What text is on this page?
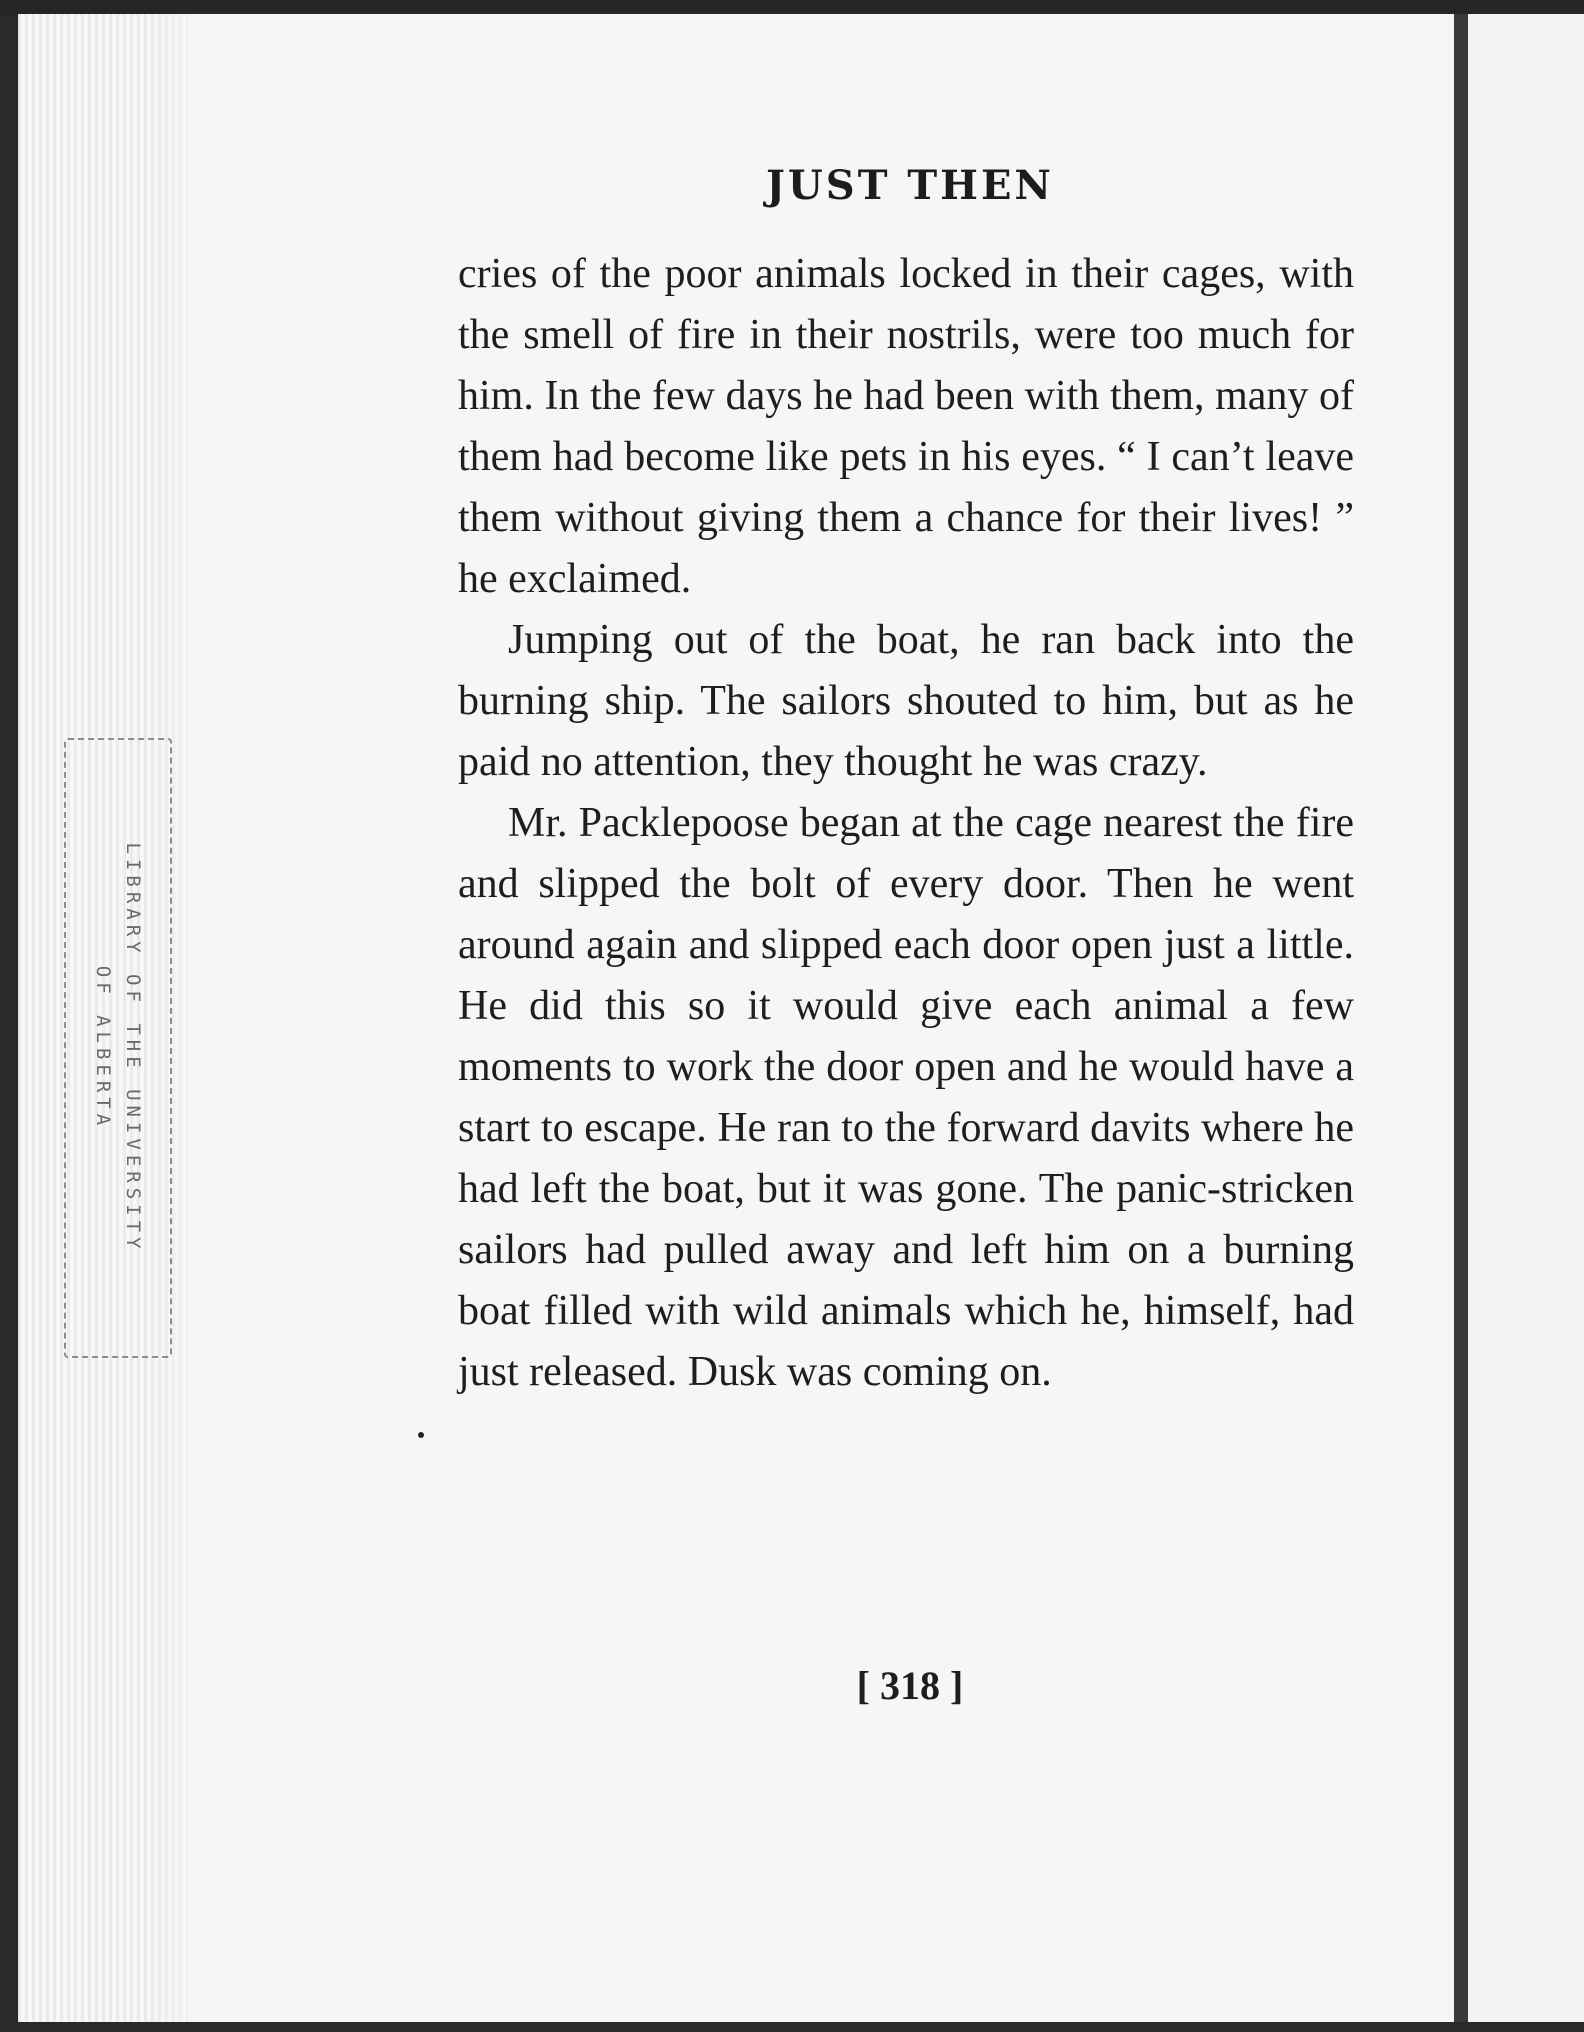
LIBRARY OF THE UNIVERSITY
OF ALBERTA
JUST THEN

cries of the poor animals locked in their cages, with the smell of fire in their nostrils, were too much for him. In the few days he had been with them, many of them had become like pets in his eyes. “ I can’t leave them without giving them a chance for their lives! ” he exclaimed.

Jumping out of the boat, he ran back into the burning ship. The sailors shouted to him, but as he paid no attention, they thought he was crazy.

Mr. Packlepoose began at the cage nearest the fire and slipped the bolt of every door. Then he went around again and slipped each door open just a little. He did this so it would give each animal a few moments to work the door open and he would have a start to escape. He ran to the forward davits where he had left the boat, but it was gone. The panic-stricken sailors had pulled away and left him on a burning boat filled with wild animals which he, himself, had just released. Dusk was coming on.

[ 318 ]
